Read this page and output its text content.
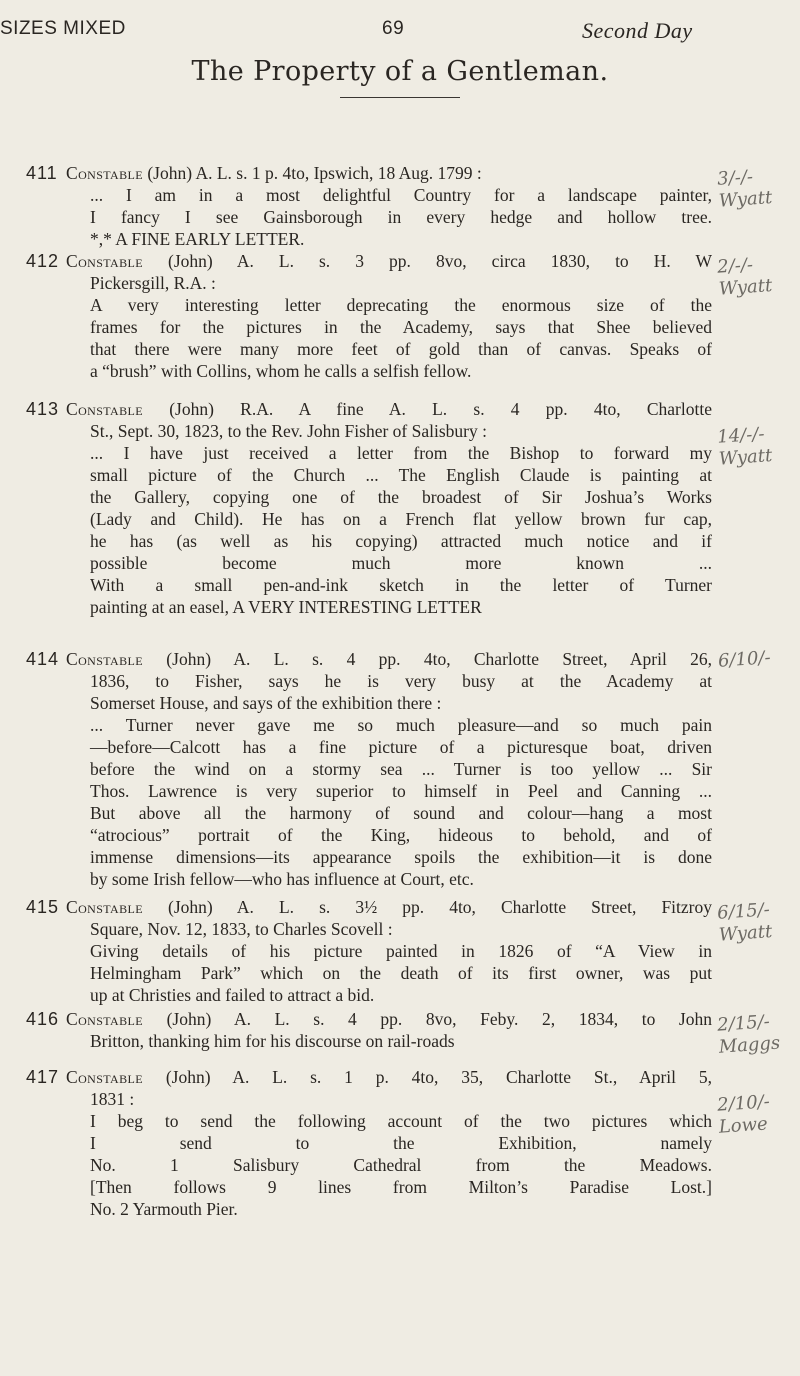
SIZES MIXED	69	Second Day
The Property of a Gentleman.
411 Constable (John) A. L. s. 1 p. 4to, Ipswich, 18 Aug. 1799 :
... I am in a most delightful Country for a landscape painter,
I fancy I see Gainsborough in every hedge and hollow tree.
*,* A FINE EARLY LETTER.
3/-/- Wyatt
412 Constable (John) A. L. s. 3 pp. 8vo, circa 1830, to H. W
Pickersgill, R.A. :
A very interesting letter deprecating the enormous size of the
frames for the pictures in the Academy, says that Shee believed
that there were many more feet of gold than of canvas. Speaks of
a “brush” with Collins, whom he calls a selfish fellow.
2/-/- Wyatt
413 Constable (John) R.A. A fine A. L. s. 4 pp. 4to, Charlotte
St., Sept. 30, 1823, to the Rev. John Fisher of Salisbury :
... I have just received a letter from the Bishop to forward my
small picture of the Church ... The English Claude is painting at
the Gallery, copying one of the broadest of Sir Joshua’s Works
(Lady and Child). He has on a French flat yellow brown fur cap,
he has (as well as his copying) attracted much notice and if
possible become much more known ...
With a small pen-and-ink sketch in the letter of Turner
painting at an easel, A VERY INTERESTING LETTER
14/-/- Wyatt
414 Constable (John) A. L. s. 4 pp. 4to, Charlotte Street, April 26,
1836, to Fisher, says he is very busy at the Academy at
Somerset House, and says of the exhibition there :
... Turner never gave me so much pleasure—and so much pain
—before—Calcott has a fine picture of a picturesque boat, driven
before the wind on a stormy sea ... Turner is too yellow ... Sir
Thos. Lawrence is very superior to himself in Peel and Canning ...
But above all the harmony of sound and colour—hang a most
“atrocious” portrait of the King, hideous to behold, and of
immense dimensions—its appearance spoils the exhibition—it is done
by some Irish fellow—who has influence at Court, etc.
6/10/-
415 Constable (John) A. L. s. 3½ pp. 4to, Charlotte Street, Fitzroy
Square, Nov. 12, 1833, to Charles Scovell :
Giving details of his picture painted in 1826 of “A View in
Helmingham Park” which on the death of its first owner, was put
up at Christies and failed to attract a bid.
6/15/- Wyatt
416 Constable (John) A. L. s. 4 pp. 8vo, Feby. 2, 1834, to John
Britton, thanking him for his discourse on rail-roads
2/15/- Maggs
417 Constable (John) A. L. s. 1 p. 4to, 35, Charlotte St., April 5,
1831 :
I beg to send the following account of the two pictures which
I send to the Exhibition, namely
No. 1 Salisbury Cathedral from the Meadows.
[Then follows 9 lines from Milton’s Paradise Lost.]
No. 2 Yarmouth Pier.
2/10/- Lowe
